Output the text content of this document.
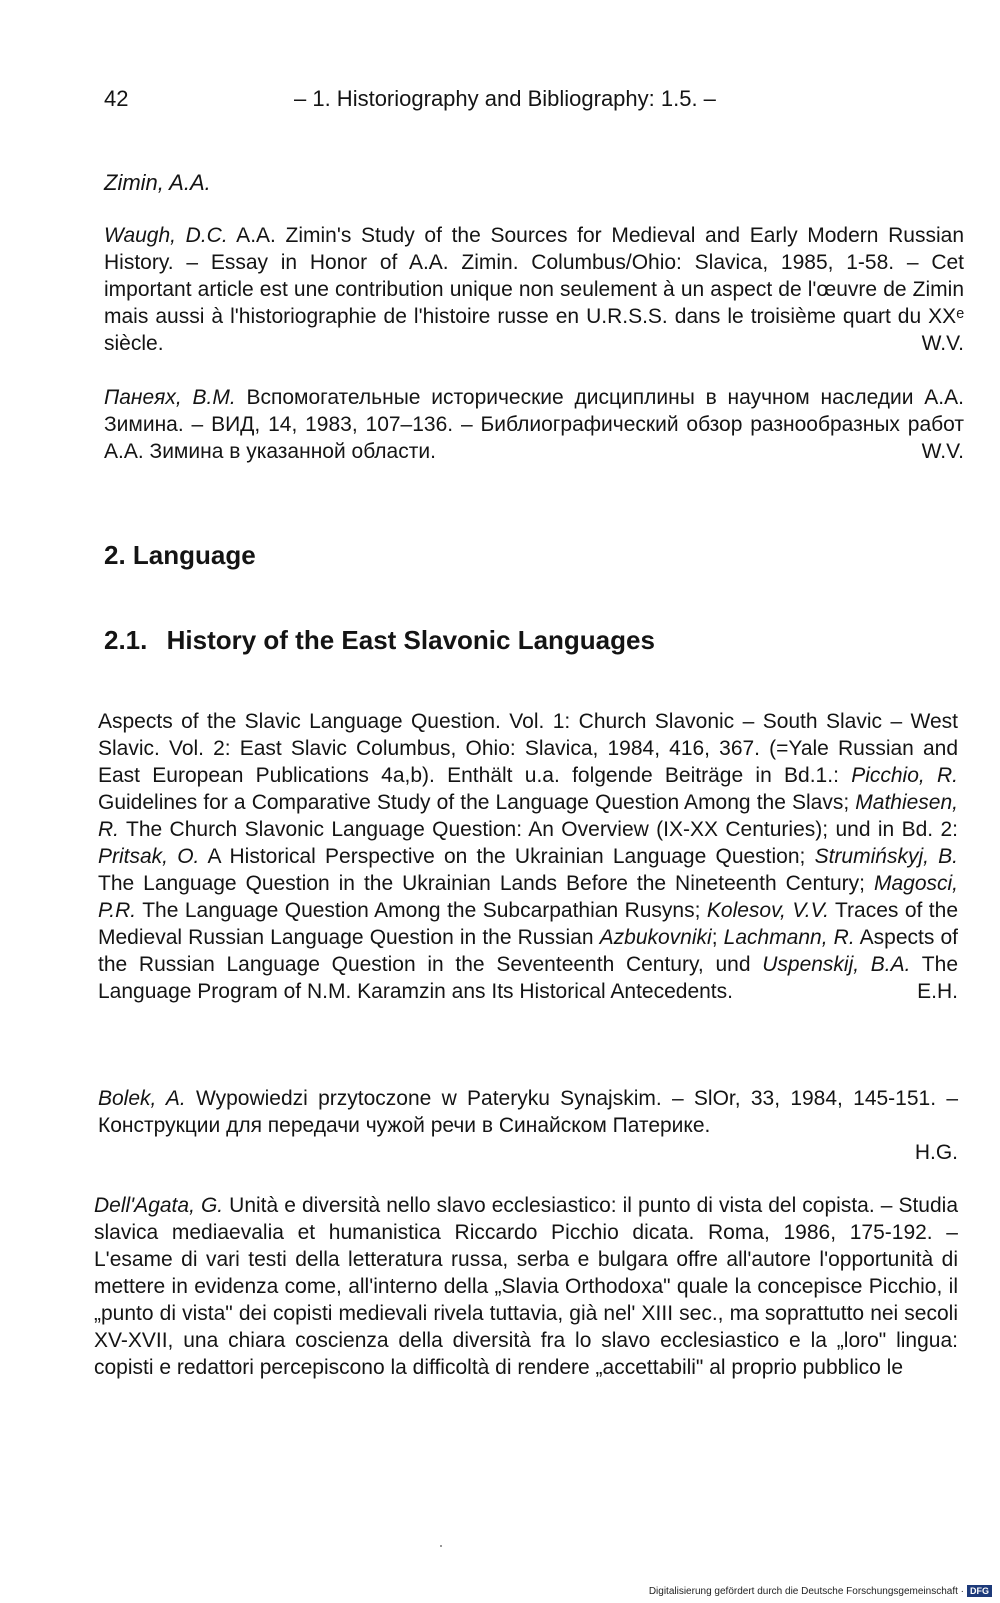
42	– 1. Historiography and Bibliography: 1.5. –
Zimin, A.A.

Waugh, D.C. A.A. Zimin's Study of the Sources for Medieval and Early Modern Russian History. – Essay in Honor of A.A. Zimin. Columbus/Ohio: Slavica, 1985, 1-58. – Cet important article est une contribution unique non seulement à un aspect de l'œuvre de Zimin mais aussi à l'historiographie de l'histoire russe en U.R.S.S. dans le troisième quart du XXᵉ siècle.	W.V.

Панеях, В.М. Вспомогательные исторические дисциплины в научном наследии А.А. Зимина. – ВИД, 14, 1983, 107–136. – Библиографический обзор разнообразных работ А.А. Зимина в указанной области.	W.V.

2. Language
2.1. History of the East Slavonic Languages

Aspects of the Slavic Language Question. Vol. 1: Church Slavonic – South Slavic – West Slavic. Vol. 2: East Slavic Columbus, Ohio: Slavica, 1984, 416, 367. (=Yale Russian and East European Publications 4a,b). Enthält u.a. folgende Beiträge in Bd.1.: Picchio, R. Guidelines for a Comparative Study of the Language Question Among the Slavs; Mathiesen, R. The Church Slavonic Language Question: An Overview (IX-XX Centuries); und in Bd. 2: Pritsak, O. A Historical Perspective on the Ukrainian Language Question; Strumińskyj, B. The Language Question in the Ukrainian Lands Before the Nineteenth Century; Magosci, P.R. The Language Question Among the Subcarpathian Rusyns; Kolesov, V.V. Traces of the Medieval Russian Language Question in the Russian Azbukovniki; Lachmann, R. Aspects of the Russian Language Question in the Seventeenth Century, und Uspenskij, B.A. The Language Program of N.M. Karamzin ans Its Historical Antecedents.	E.H.

Bolek, A. Wypowiedzi przytoczone w Pateryku Synajskim. – SlOr, 33, 1984, 145-151. – Конструкции для передачи чужой речи в Синайском Патерике.

H.G.

Dell'Agata, G. Unità e diversità nello slavo ecclesiastico: il punto di vista del copista. – Studia slavica mediaevalia et humanistica Riccardo Picchio dicata. Roma, 1986, 175-192. – L'esame di vari testi della letteratura russa, serba e bulgara offre all'autore l'opportunità di mettere in evidenza come, all'interno della „Slavia Orthodoxa" quale la concepisce Picchio, il „punto di vista" dei copisti medievali rivela tuttavia, già nel' XIII sec., ma soprattutto nei secoli XV-XVII, una chiara coscienza della diversità fra lo slavo ecclesiastico e la „loro" lingua: copisti e redattori percepiscono la difficoltà di rendere „accettabili" al proprio pubblico le

Digitalisierung gefördert durch die Deutsche Forschungsgemeinschaft · DFG
